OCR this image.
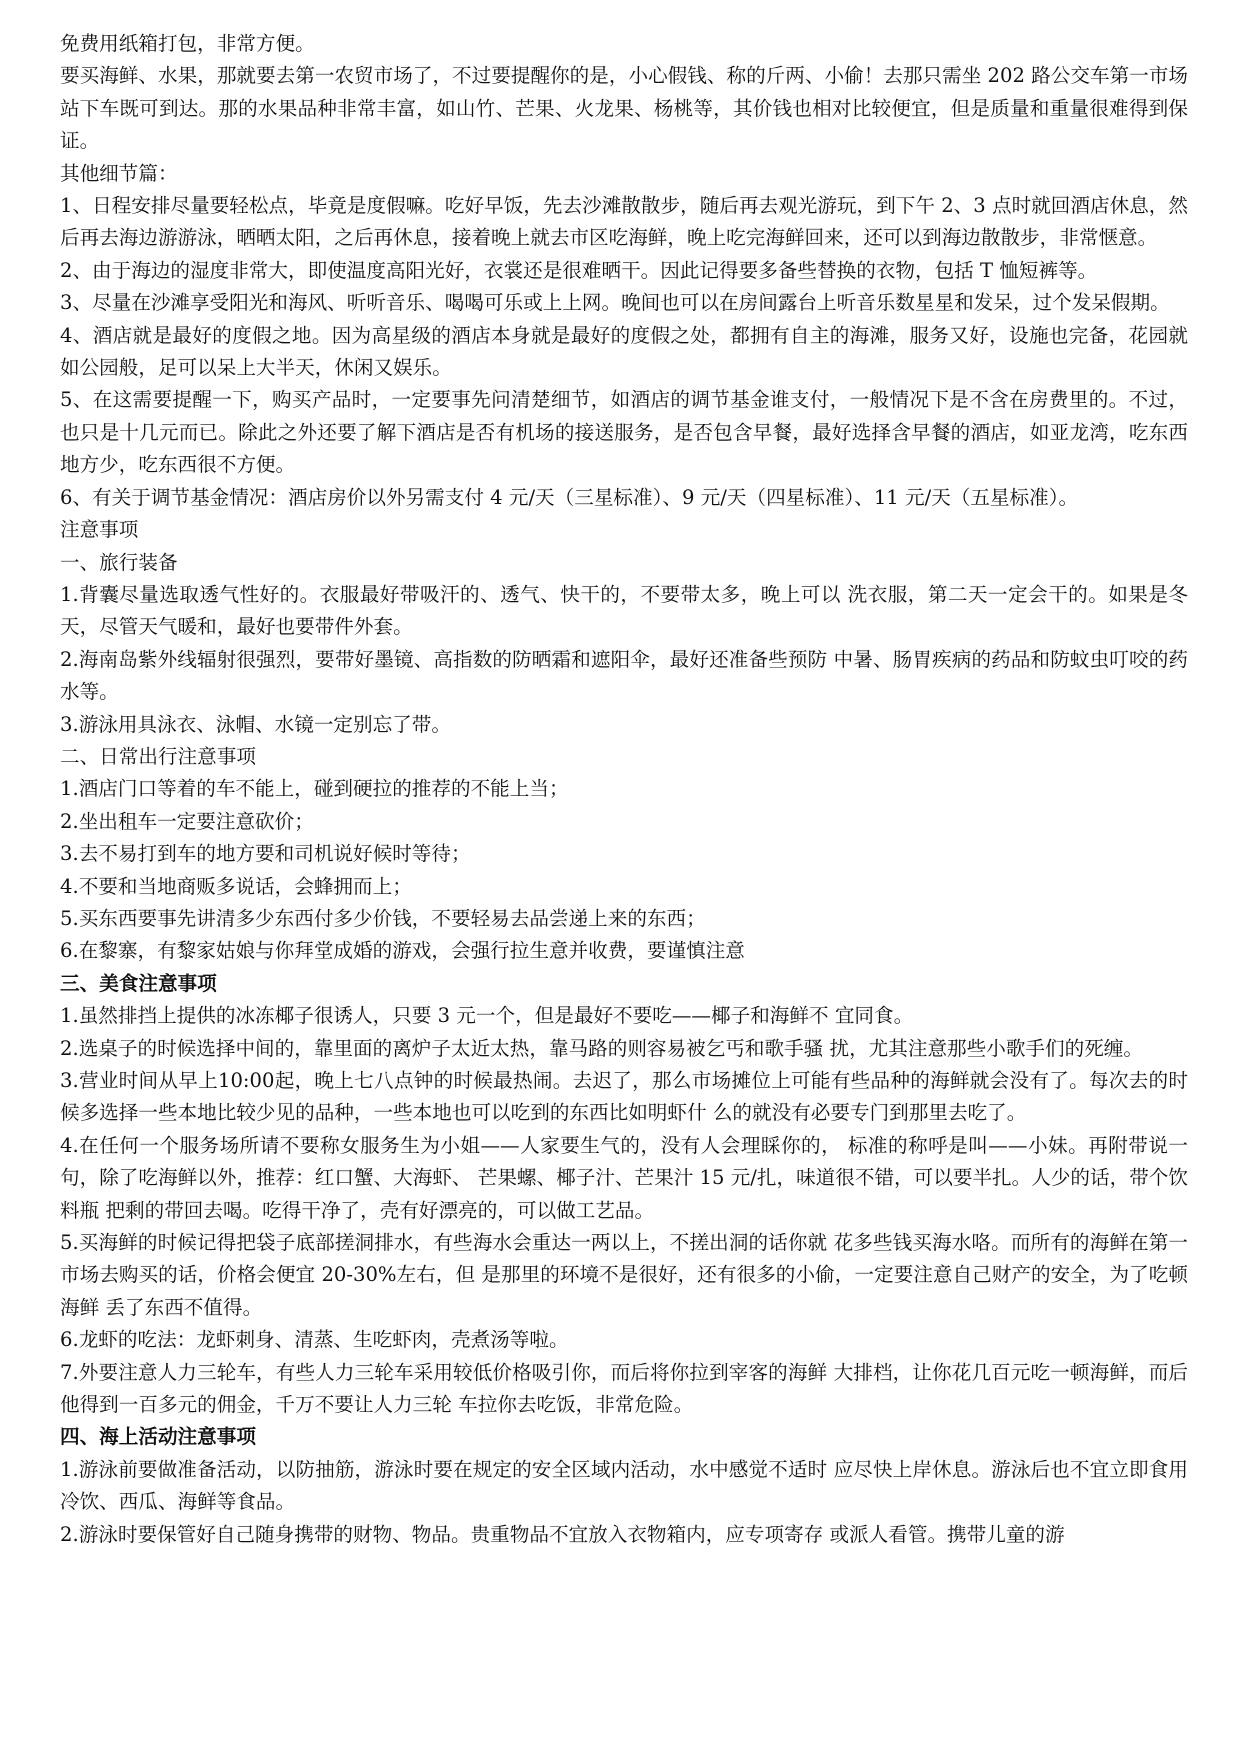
免费用纸箱打包，非常方便。

要买海鲜、水果，那就要去第一农贸市场了，不过要提醒你的是，小心假钱、称的斤两、小偷！去那只需坐 202 路公交车第一市场站下车既可到达。那的水果品种非常丰富，如山竹、芒果、火龙果、杨桃等，其价钱也相对比较便宜，但是质量和重量很难得到保证。

其他细节篇：

1、日程安排尽量要轻松点，毕竟是度假嘛。吃好早饭，先去沙滩散散步，随后再去观光游玩，到下午 2、3 点时就回酒店休息，然后再去海边游游泳，晒晒太阳，之后再休息，接着晚上就去市区吃海鲜，晚上吃完海鲜回来，还可以到海边散散步，非常惬意。

2、由于海边的湿度非常大，即使温度高阳光好，衣裳还是很难晒干。因此记得要多备些替换的衣物，包括 T 恤短裤等。

3、尽量在沙滩享受阳光和海风、听听音乐、喝喝可乐或上上网。晚间也可以在房间露台上听音乐数星星和发呆，过个发呆假期。

4、酒店就是最好的度假之地。因为高星级的酒店本身就是最好的度假之处，都拥有自主的海滩，服务又好，设施也完备，花园就如公园般，足可以呆上大半天，休闲又娱乐。

5、在这需要提醒一下，购买产品时，一定要事先问清楚细节，如酒店的调节基金谁支付，一般情况下是不含在房费里的。不过，也只是十几元而已。除此之外还要了解下酒店是否有机场的接送服务，是否包含早餐，最好选择含早餐的酒店，如亚龙湾，吃东西地方少，吃东西很不方便。

6、有关于调节基金情况：酒店房价以外另需支付 4 元/天（三星标准）、9 元/天（四星标准）、11 元/天（五星标准）。

注意事项

一、旅行装备

1.背囊尽量选取透气性好的。衣服最好带吸汗的、透气、快干的，不要带太多，晚上可以 洗衣服，第二天一定会干的。如果是冬天，尽管天气暖和，最好也要带件外套。

2.海南岛紫外线辐射很强烈，要带好墨镜、高指数的防晒霜和遮阳伞，最好还准备些预防 中暑、肠胃疾病的药品和防蚊虫叮咬的药水等。

3.游泳用具泳衣、泳帽、水镜一定别忘了带。

二、日常出行注意事项

1.酒店门口等着的车不能上，碰到硬拉的推荐的不能上当；

2.坐出租车一定要注意砍价；

3.去不易打到车的地方要和司机说好候时等待；

4.不要和当地商贩多说话，会蜂拥而上；

5.买东西要事先讲清多少东西付多少价钱，不要轻易去品尝递上来的东西；

6.在黎寨，有黎家姑娘与你拜堂成婚的游戏，会强行拉生意并收费，要谨慎注意

三、美食注意事项

1.虽然排挡上提供的冰冻椰子很诱人，只要 3 元一个，但是最好不要吃——椰子和海鲜不 宜同食。

2.选桌子的时候选择中间的，靠里面的离炉子太近太热，靠马路的则容易被乞丐和歌手骚 扰，尤其注意那些小歌手们的死缠。

3.营业时间从早上10:00起，晚上七八点钟的时候最热闹。去迟了，那么市场摊位上可能有些品种的海鲜就会没有了。每次去的时候多选择一些本地比较少见的品种，一些本地也可以吃到的东西比如明虾什 么的就没有必要专门到那里去吃了。

4.在任何一个服务场所请不要称女服务生为小姐——人家要生气的，没有人会理睬你的， 标准的称呼是叫——小妹。再附带说一句，除了吃海鲜以外，推荐：红口蟹、大海虾、 芒果螺、椰子汁、芒果汁 15 元/扎，味道很不错，可以要半扎。人少的话，带个饮料瓶 把剩的带回去喝。吃得干净了，壳有好漂亮的，可以做工艺品。

5.买海鲜的时候记得把袋子底部搓洞排水，有些海水会重达一两以上，不搓出洞的话你就 花多些钱买海水咯。而所有的海鲜在第一市场去购买的话，价格会便宜 20-30%左右，但 是那里的环境不是很好，还有很多的小偷，一定要注意自己财产的安全，为了吃顿海鲜 丢了东西不值得。

6.龙虾的吃法：龙虾刺身、清蒸、生吃虾肉，壳煮汤等啦。

7.外要注意人力三轮车，有些人力三轮车采用较低价格吸引你，而后将你拉到宰客的海鲜 大排档，让你花几百元吃一顿海鲜，而后他得到一百多元的佣金，千万不要让人力三轮 车拉你去吃饭，非常危险。

四、海上活动注意事项

1.游泳前要做准备活动，以防抽筋，游泳时要在规定的安全区域内活动，水中感觉不适时 应尽快上岸休息。游泳后也不宜立即食用冷饮、西瓜、海鲜等食品。

2.游泳时要保管好自己随身携带的财物、物品。贵重物品不宜放入衣物箱内，应专项寄存 或派人看管。携带儿童的游
